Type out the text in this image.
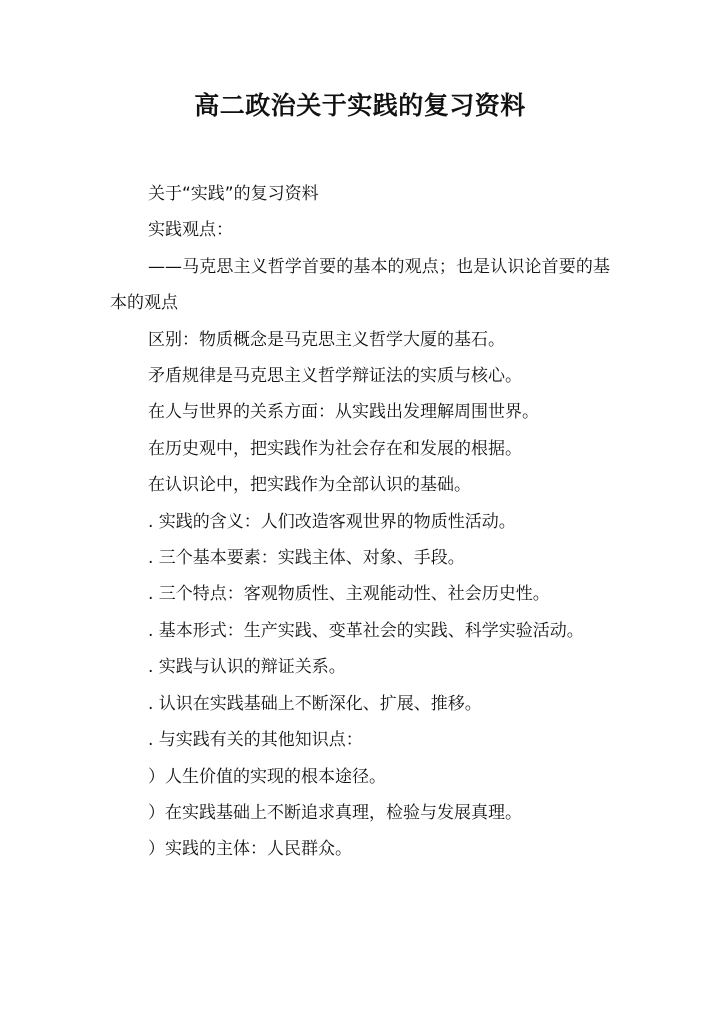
高二政治关于实践的复习资料

关于“实践”的复习资料

实践观点：

——马克思主义哲学首要的基本的观点；也是认识论首要的基本的观点

区别：物质概念是马克思主义哲学大厦的基石。

矛盾规律是马克思主义哲学辩证法的实质与核心。

在人与世界的关系方面：从实践出发理解周围世界。

在历史观中，把实践作为社会存在和发展的根据。

在认识论中，把实践作为全部认识的基础。

. 实践的含义：人们改造客观世界的物质性活动。

. 三个基本要素：实践主体、对象、手段。

. 三个特点：客观物质性、主观能动性、社会历史性。

. 基本形式：生产实践、变革社会的实践、科学实验活动。

. 实践与认识的辩证关系。

. 认识在实践基础上不断深化、扩展、推移。

. 与实践有关的其他知识点：

）人生价值的实现的根本途径。

）在实践基础上不断追求真理，检验与发展真理。

）实践的主体：人民群众。
